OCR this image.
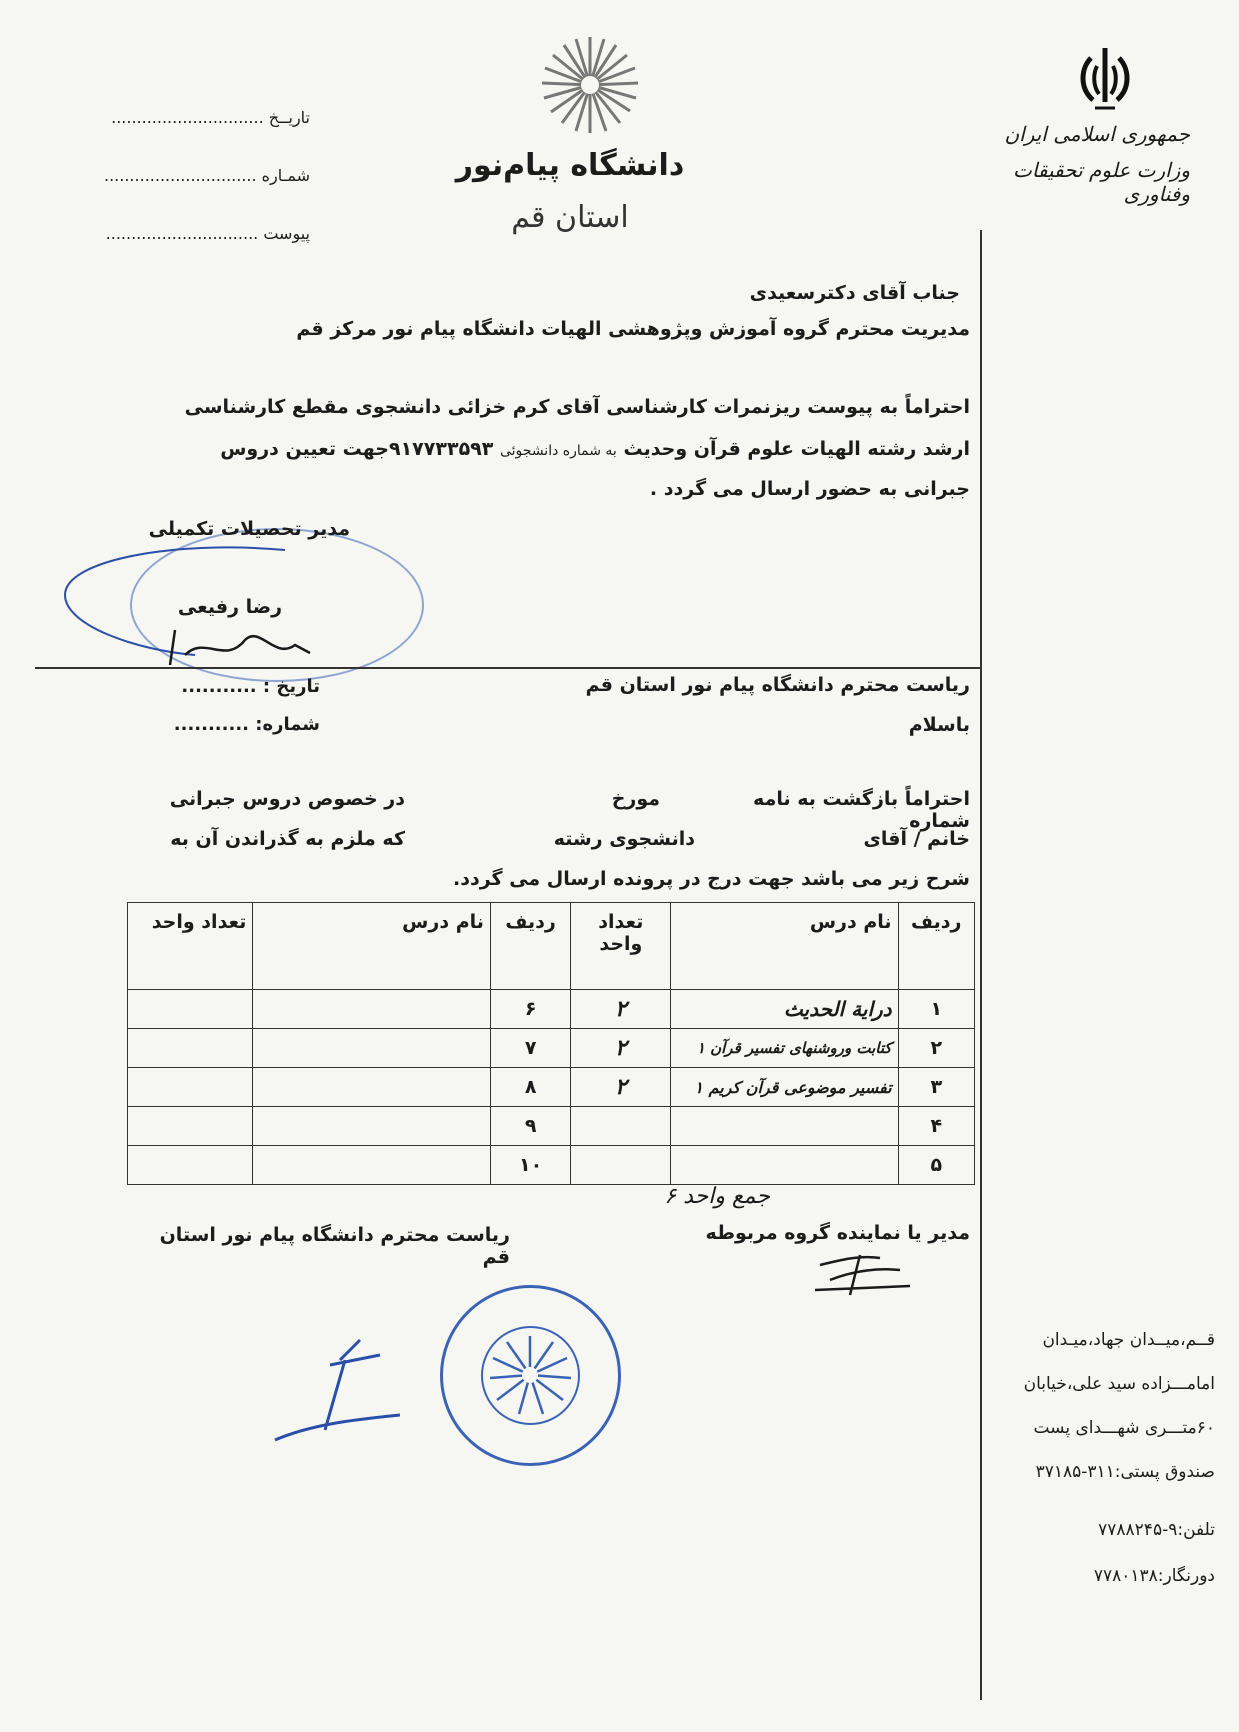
جمهوری اسلامی ایران
وزارت علوم تحقیقات وفناوری
دانشگاه پیام‌نور
استان قم
تاریــخ ..............................
شمـاره ..............................
پیوست ..............................
جناب آقای دکترسعیدی
مدیریت محترم گروه آموزش وپژوهشی الهیات دانشگاه پیام نور مرکز قم
احتراماً به پیوست ریزنمرات کارشناسی آقای کرم خزائی دانشجوی مقطع کارشناسی
ارشد رشته الهیات علوم قرآن وحدیث به شماره دانشجوئی ۹۱۷۷۳۳۵۹۳جهت تعیین دروس
جبرانی به حضور ارسال می گردد .
مدیر تحصیلات تکمیلی
رضا رفیعی
ریاست محترم دانشگاه پیام نور استان قم
باسلام
تاریخ : ...........
شماره: ...........
احتراماً بازگشت به نامه شماره
مورخ
در خصوص دروس جبرانی
خانم / آقای
دانشجوی رشته
که ملزم به گذراندن آن به
شرح زیر می باشد جهت درج در پرونده ارسال می گردد.
ردیف	نام درس	تعداد واحد	ردیف	نام درس	تعداد واحد
۱	درایة الحدیث	۲	۶		
۲	کتابت وروشنهای تفسیر قرآن ۱	۲	۷		
۳	تفسیر موضوعی قرآن کریم ۱	۲	۸		
۴			۹		
۵			۱۰		
جمع واحد ۶
مدیر یا نماینده گروه مربوطه
ریاست محترم دانشگاه پیام نور استان قم
قــم،میــدان جهاد،میـدان
امامـــزاده سید علی،خیابان
۶۰متـــری شهـــدای پست
صندوق پستی:۳۱۱-۳۷۱۸۵
تلفن:۹-۷۷۸۸۲۴۵
دورنگار:۷۷۸۰۱۳۸
